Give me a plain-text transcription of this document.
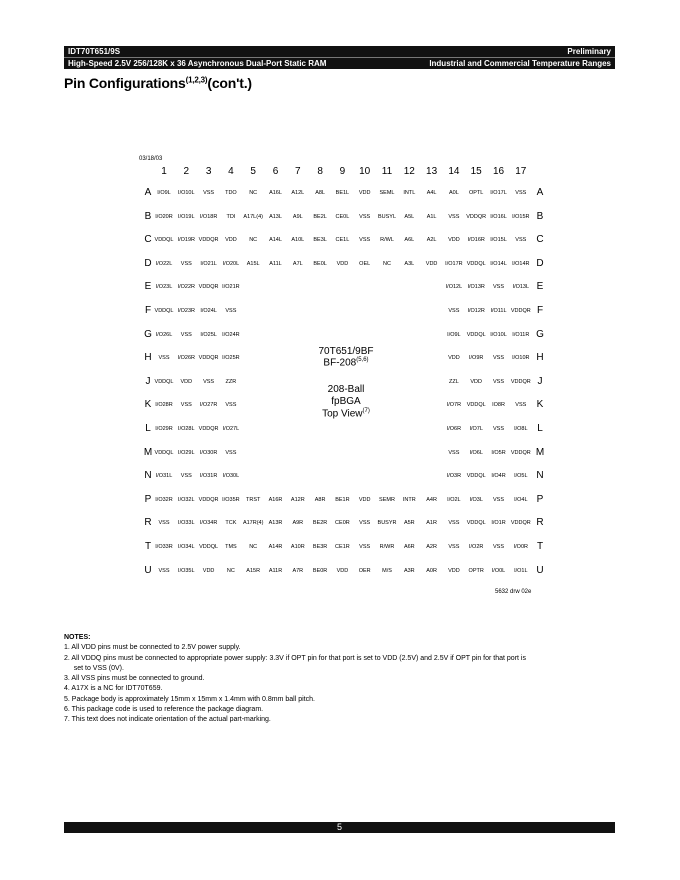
IDT70T651/9S	Preliminary
High-Speed 2.5V 256/128K x 36 Asynchronous Dual-Port Static RAM	Industrial and Commercial Temperature Ranges
Pin Configurations$^{(1,2,3)}$(con't.)
03/18/03
1	2	3	4	5	6	7	8	9	10	11	12	13	14	15	16	17
A	A
I/O9L I/O10L VSS TDO NC A16L A12L A8L BE1L VDD SEML INTL A4L A0L OPTL I/O17L VSS
B	B
I/O20R I/O19L I/O18R TDI A17L(4) A13L A9L BE2L CE0L VSS BUSYL A5L A1L VSS VDDQR I/O16L I/O15R
C	C
VDDQL I/O19R VDDQR VDD NC A14L A10L BE3L CE1L VSS R/WL A6L A2L VDD I/O16R I/O15L VSS
D	D
I/O22L VSS I/O21L I/O20L A15L A11L A7L BE0L VDD OEL NC A3L VDD I/O17R VDDQL I/O14L I/O14R
E	E
I/O23L I/O22R VDDQR I/O21R	I/O12L I/O13R VSS I/O13L
F	F
VDDQL I/O23R I/O24L VSS	VSS I/O12R I/O11L VDDQR
G	G
I/O26L VSS I/O25L I/O24R	I/O9L VDDQL I/O10L I/O11R
H	H
VSS I/O26R VDDQR I/O25R	VDD I/O9R VSS I/O10R
J	J
VDDQL VDD VSS ZZR	ZZL VDD VSS VDDQR
K	K
I/O28R VSS I/O27R VSS	I/O7R VDDQL IO8R VSS
L	L
I/O29R I/O28L VDDQR I/O27L	I/O6R I/O7L VSS I/O8L
M	M
VDDQL I/O29L I/O30R VSS	VSS I/O6L I/O5R VDDQR
N	N
I/O31L VSS I/O31R I/O30L	I/O3R VDDQL I/O4R I/O5L
P	P
I/O32R I/O32L VDDQR I/O35R TRST A16R A12R A8R BE1R VDD SEMR INTR A4R I/O2L I/O3L VSS I/O4L
R	R
VSS I/O33L I/O34R TCK A17R(4) A13R A9R BE2R CE0R VSS BUSYR A5R A1R VSS VDDQL I/O1R VDDQR
T	T
I/O33R I/O34L VDDQL TMS NC A14R A10R BE3R CE1R VSS R/WR A6R A2R VSS I/O2R VSS I/O0R
U	U
VSS I/O35L VDD NC A15R A11R A7R BE0R VDD OER M/S A3R A0R VDD OPTR I/O0L I/O1L
70T651/9BF
BF-208$^{(5,6)}$
208-Ball
fpBGA
Top View$^{(7)}$
5632 drw 02e
NOTES:
1. All VDD pins must be connected to 2.5V power supply.
2. All VDDQ pins must be connected to appropriate power supply: 3.3V if OPT pin for that port is set to VDD (2.5V) and 2.5V if OPT pin for that port is
set to VSS (0V).
3. All VSS pins must be connected to ground.
4. A17X is a NC for IDT70T659.
5. Package body is approximately 15mm x 15mm x 1.4mm with 0.8mm ball pitch.
6. This package code is used to reference the package diagram.
7. This text does not indicate orientation of the actual part-marking.
5
